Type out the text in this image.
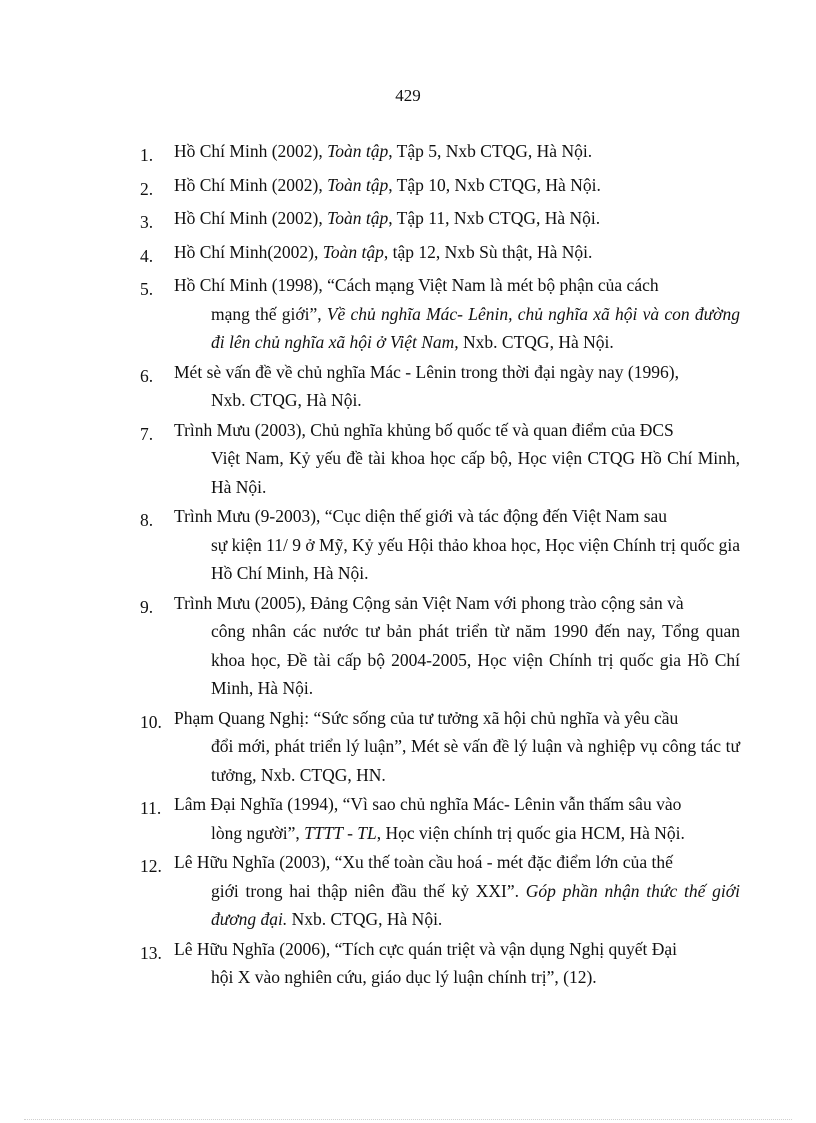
429
1.	Hồ Chí Minh (2002), Toàn tập, Tập 5, Nxb CTQG, Hà Nội.
2.	Hồ Chí Minh (2002), Toàn tập, Tập 10, Nxb CTQG, Hà Nội.
3.	Hồ Chí Minh (2002), Toàn tập, Tập 11, Nxb CTQG, Hà Nội.
4.	Hồ Chí Minh(2002), Toàn tập, tập 12, Nxb Sù thật, Hà Nội.
5.	Hồ Chí Minh (1998), “Cách mạng Việt Nam là mét bộ phận của cách
mạng thế giới”, Về chủ nghĩa Mác- Lênin, chủ nghĩa xã hội và con đường đi lên chủ nghĩa xã hội ở Việt Nam, Nxb. CTQG, Hà Nội.
6.	Mét sè vấn đề về chủ nghĩa Mác - Lênin trong thời đại ngày nay (1996),
Nxb. CTQG, Hà Nội.
7.	Trình Mưu (2003), Chủ nghĩa khủng bố quốc tế và quan điểm của ĐCS
Việt Nam, Kỷ yếu đề tài khoa học cấp bộ, Học viện CTQG Hồ Chí Minh, Hà Nội.
8.	Trình Mưu (9-2003), “Cục diện thế giới và tác động đến Việt Nam sau
sự kiện 11/ 9 ở Mỹ, Kỷ yếu Hội thảo khoa học, Học viện Chính trị quốc gia Hồ Chí Minh, Hà Nội.
9.	Trình Mưu (2005), Đảng Cộng sản Việt Nam với phong trào cộng sản và
công nhân các nước tư bản phát triển từ năm 1990 đến nay, Tổng quan khoa học, Đề tài cấp bộ 2004-2005, Học viện Chính trị quốc gia Hồ Chí Minh, Hà Nội.
10. Phạm Quang Nghị: “Sức sống của tư tưởng xã hội chủ nghĩa và yêu cầu
đổi mới, phát triển lý luận”, Mét sè vấn đề lý luận và nghiệp vụ công tác tư tưởng, Nxb. CTQG, HN.
11. Lâm Đại Nghĩa (1994), “Vì sao chủ nghĩa Mác- Lênin vẫn thấm sâu vào
lòng người”, TTTT - TL, Học viện chính trị quốc gia HCM, Hà Nội.
12. Lê Hữu Nghĩa (2003), “Xu thế toàn cầu hoá - mét đặc điểm lớn của thế
giới trong hai thập niên đầu thế kỷ XXI”. Góp phần nhận thức thế giới đương đại. Nxb. CTQG, Hà Nội.
13. Lê Hữu Nghĩa (2006), “Tích cực quán triệt và vận dụng Nghị quyết Đại
hội X vào nghiên cứu, giáo dục lý luận chính trị”, (12).
